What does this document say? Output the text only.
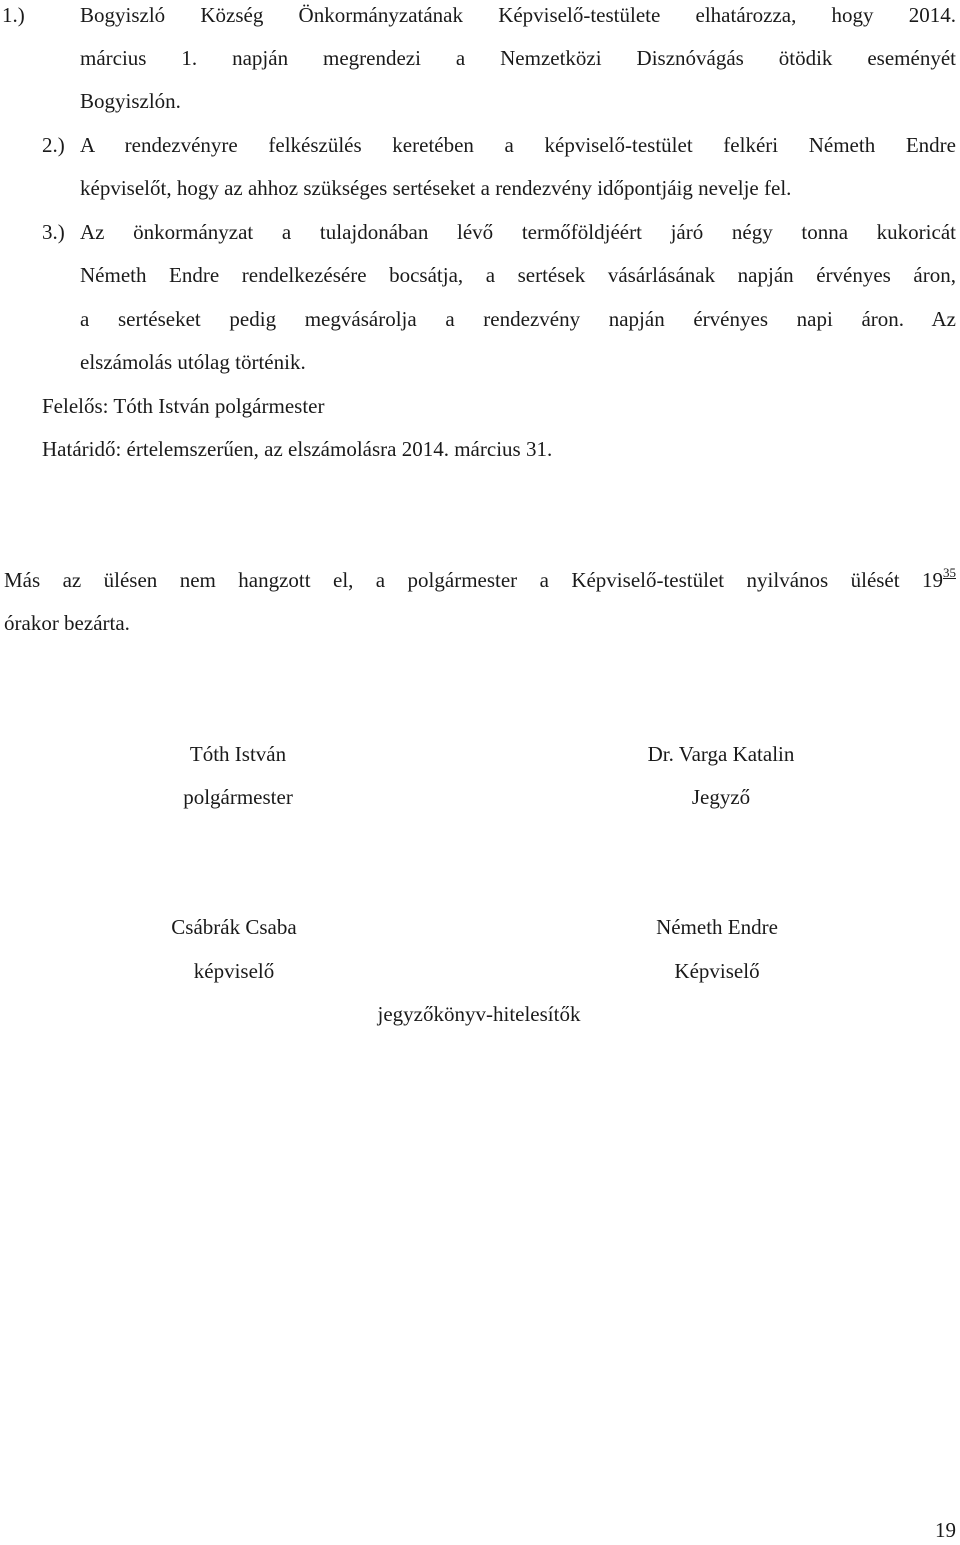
1.)	Bogyiszló Község Önkormányzatának Képviselő-testülete elhatározza, hogy 2014.
március 1. napján megrendezi a Nemzetközi Disznóvágás ötödik eseményét
Bogyiszlón.
2.) A rendezvényre felkészülés keretében a képviselő-testület felkéri Németh Endre
képviselőt, hogy az ahhoz szükséges sertéseket a rendezvény időpontjáig nevelje fel.
3.) Az önkormányzat a tulajdonában lévő termőföldjéért járó négy tonna kukoricát
Németh Endre rendelkezésére bocsátja, a sertések vásárlásának napján érvényes áron,
a sertéseket pedig megvásárolja a rendezvény napján érvényes napi áron. Az
elszámolás utólag történik.
Felelős: Tóth István polgármester
Határidő: értelemszerűen, az elszámolásra 2014. március 31.
Más az ülésen nem hangzott el, a polgármester a Képviselő-testület nyilvános ülését $19^{35}$
órakor bezárta.
Tóth István
polgármester
Dr. Varga Katalin
Jegyző
Csábrák Csaba
képviselő
Németh Endre
Képviselő
jegyzőkönyv-hitelesítők
19
